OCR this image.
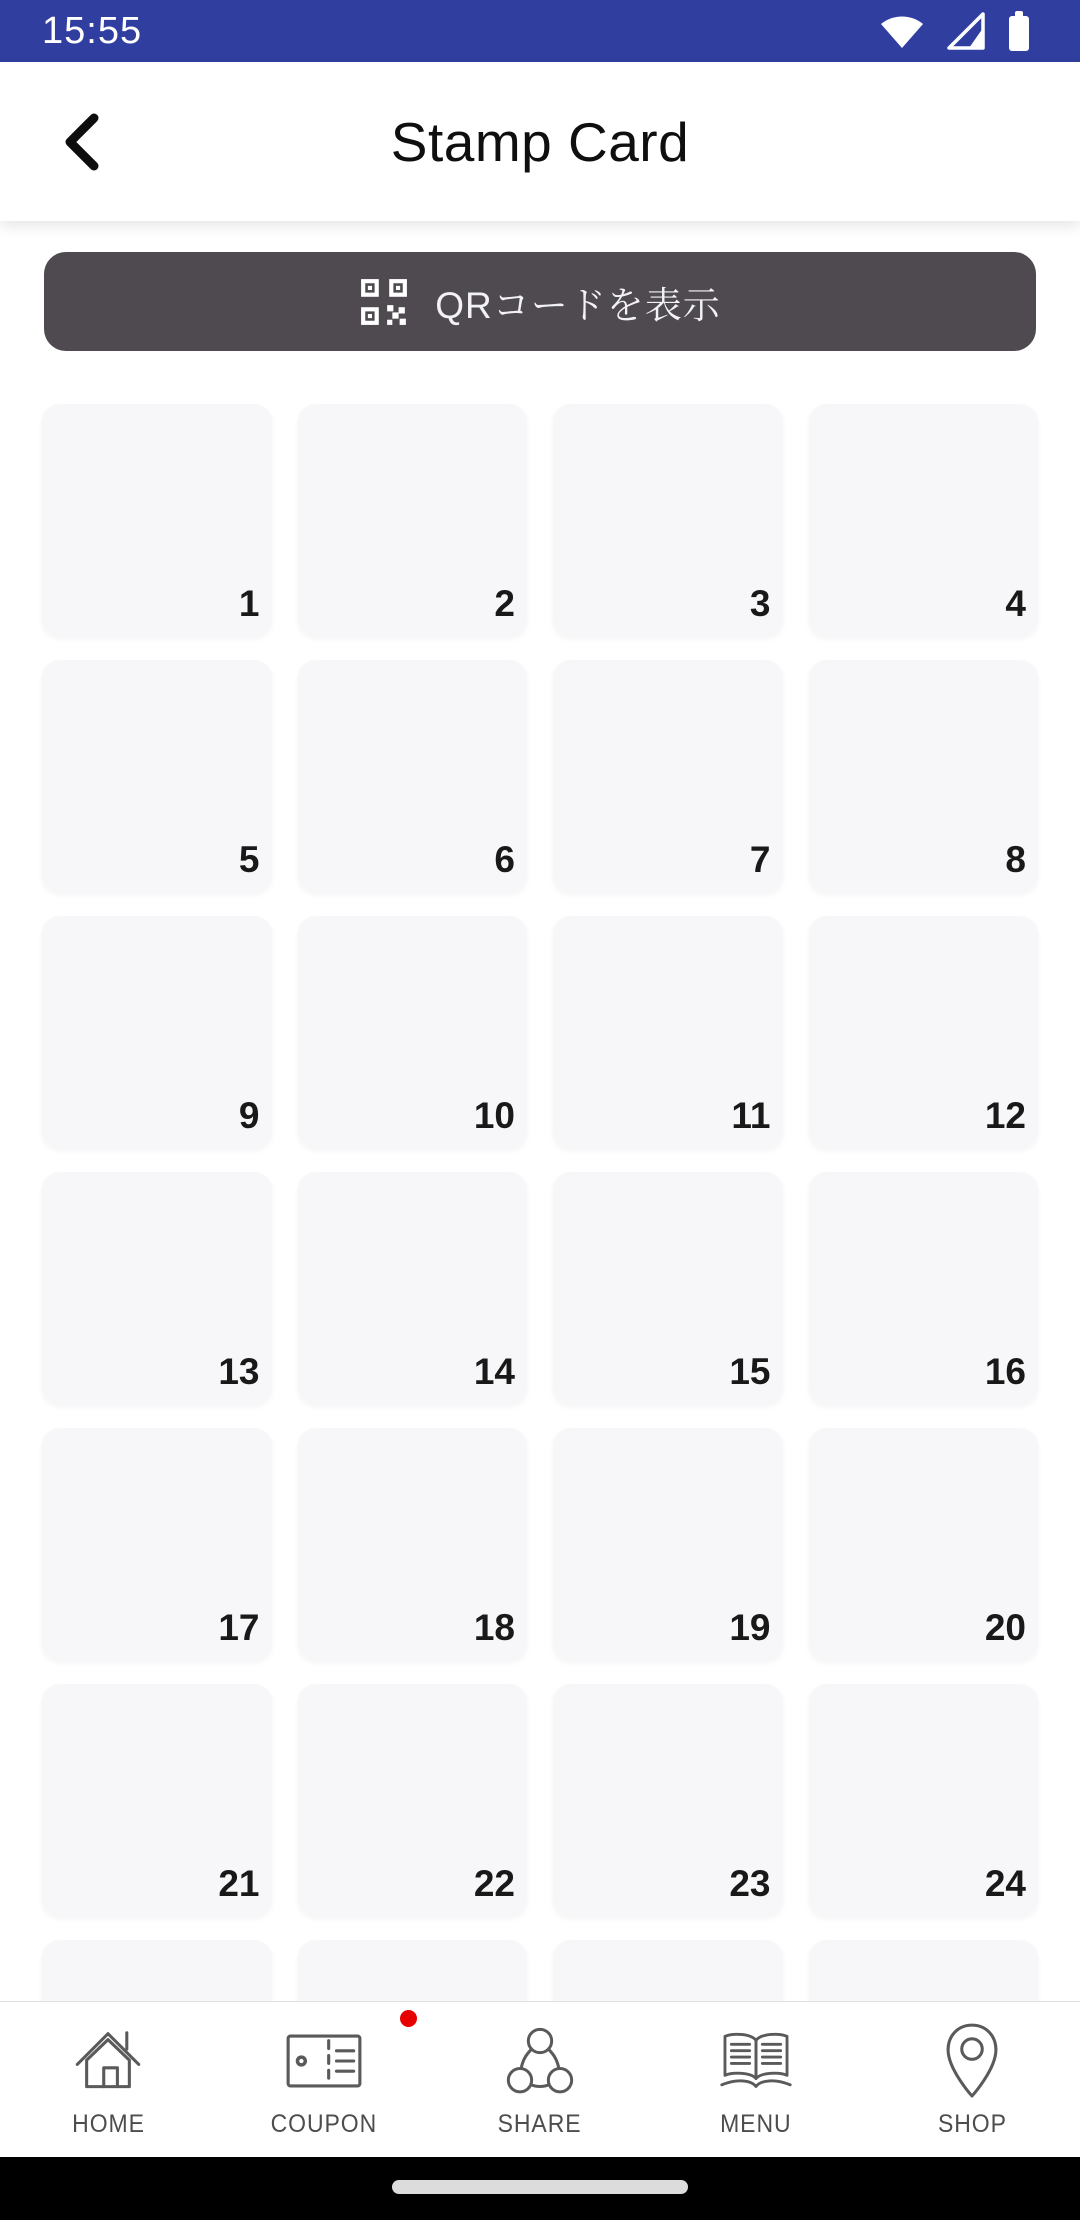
15:55
Stamp Card
QRコードを表示
1	2	3	4
5	6	7	8
9	10	11	12
13	14	15	16
17	18	19	20
21	22	23	24
HOME	COUPON	SHARE	MENU	SHOP
